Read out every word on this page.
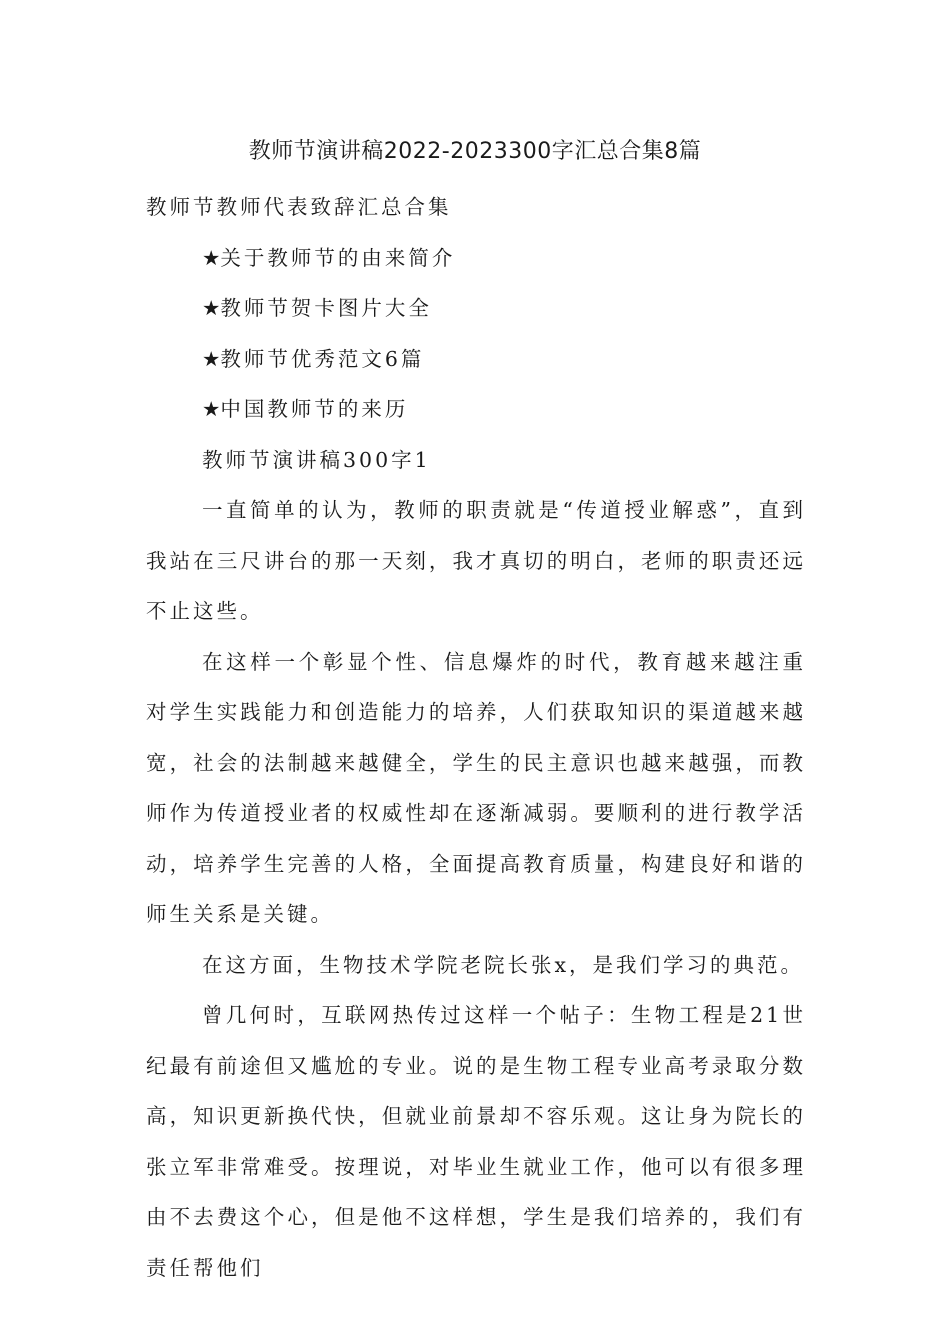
教师节演讲稿2022-2023300字汇总合集8篇

教师节教师代表致辞汇总合集

★关于教师节的由来简介

★教师节贺卡图片大全

★教师节优秀范文6篇

★中国教师节的来历

教师节演讲稿300字1

一直简单的认为，教师的职责就是“传道授业解惑”，直到我站在三尺讲台的那一天刻，我才真切的明白，老师的职责还远不止这些。

在这样一个彰显个性、信息爆炸的时代，教育越来越注重对学生实践能力和创造能力的培养，人们获取知识的渠道越来越宽，社会的法制越来越健全，学生的民主意识也越来越强，而教师作为传道授业者的权威性却在逐渐减弱。要顺利的进行教学活动，培养学生完善的人格，全面提高教育质量，构建良好和谐的师生关系是关键。

在这方面，生物技术学院老院长张x，是我们学习的典范。

曾几何时，互联网热传过这样一个帖子：生物工程是21世纪最有前途但又尴尬的专业。说的是生物工程专业高考录取分数高，知识更新换代快，但就业前景却不容乐观。这让身为院长的张立军非常难受。按理说，对毕业生就业工作，他可以有很多理由不去费这个心，但是他不这样想，学生是我们培养的，我们有责任帮他们
